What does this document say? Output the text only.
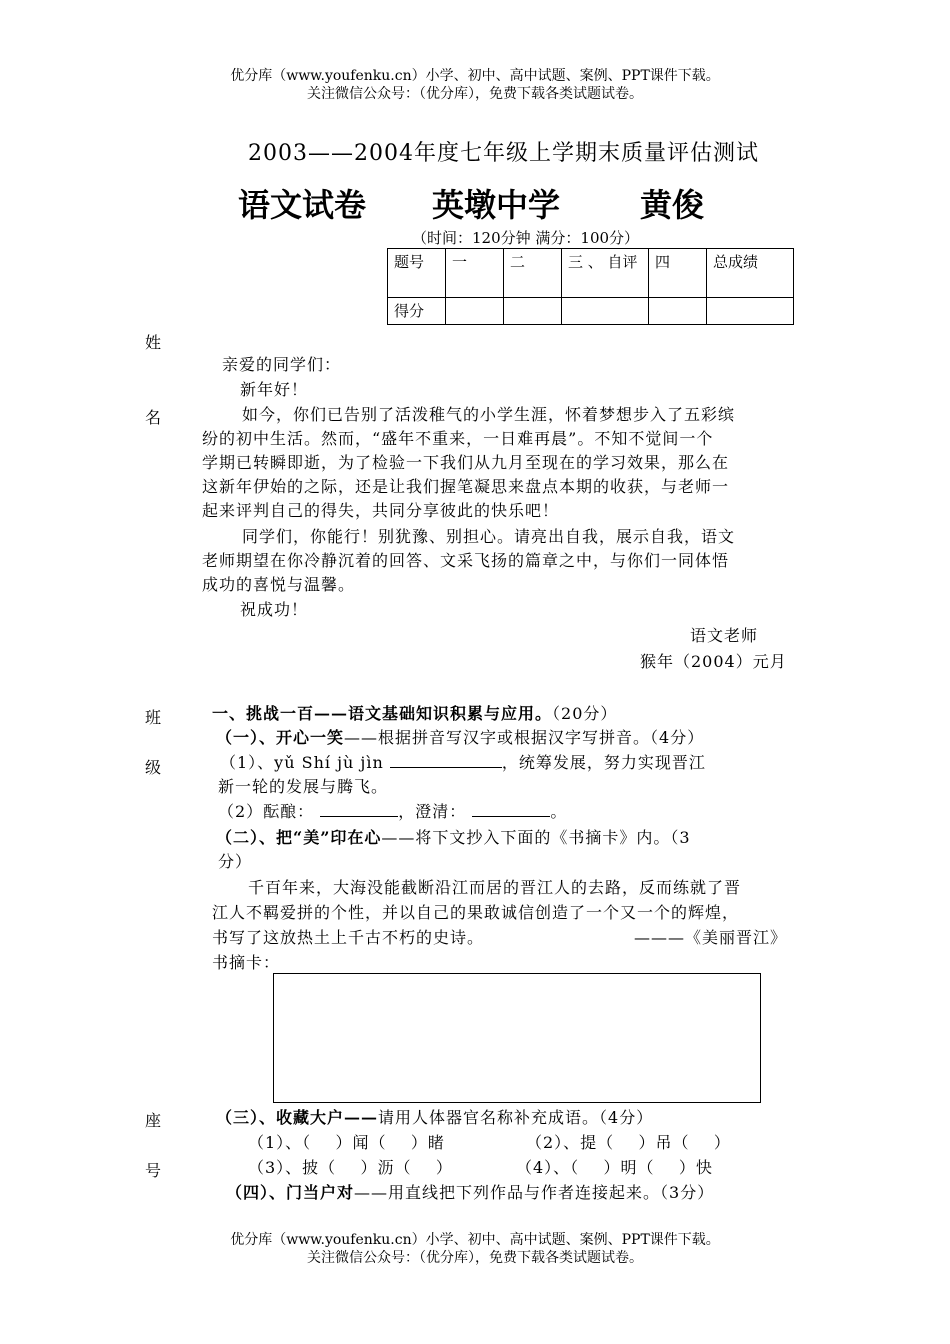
优分库（www.youfenku.cn）小学、初中、高中试题、案例、PPT课件下载。
关注微信公众号：（优分库），免费下载各类试题试卷。
2003——2004年度七年级上学期末质量评估测试
语文试卷 英墩中学 黄俊
（时间：120分钟 满分：100分）
题号	一	二	三 、 自评	四	总成绩
得分					
姓
名
班
级
座
号
亲爱的同学们：
新年好！
如今，你们已告别了活泼稚气的小学生涯，怀着梦想步入了五彩缤
纷的初中生活。然而，“盛年不重来，一日难再晨”。不知不觉间一个
学期已转瞬即逝，为了检验一下我们从九月至现在的学习效果，那么在
这新年伊始的之际，还是让我们握笔凝思来盘点本期的收获，与老师一
起来评判自己的得失，共同分享彼此的快乐吧！
同学们，你能行！别犹豫、别担心。请亮出自我，展示自我，语文
老师期望在你冷静沉着的回答、文采飞扬的篇章之中，与你们一同体悟
成功的喜悦与温馨。
祝成功！
语文老师
猴年（2004）元月
一、挑战一百——语文基础知识积累与应用。（20分）
（一）、开心一笑——根据拼音写汉字或根据汉字写拼音。（4分）
（1）、yǔ Shí jù jìn	，统筹发展，努力实现晋江
新一轮的发展与腾飞。
（2）酝酿：	，澄清：	。
（二）、把“美”印在心——将下文抄入下面的《书摘卡》内。（3
分）
千百年来，大海没能截断沿江而居的晋江人的去路，反而练就了晋
江人不羁爱拼的个性，并以自己的果敢诚信创造了一个又一个的辉煌，
书写了这放热土上千古不朽的史诗。	———《美丽晋江》
书摘卡：
（三）、收藏大户——请用人体器官名称补充成语。（4分）
（1）、（    ）闻（    ）睹	（2）、提（    ）吊（    ）
（3）、披（    ）沥（    ）	（4）、（    ）明（    ）快
（四）、门当户对——用直线把下列作品与作者连接起来。（3分）
优分库（www.youfenku.cn）小学、初中、高中试题、案例、PPT课件下载。
关注微信公众号：（优分库），免费下载各类试题试卷。
